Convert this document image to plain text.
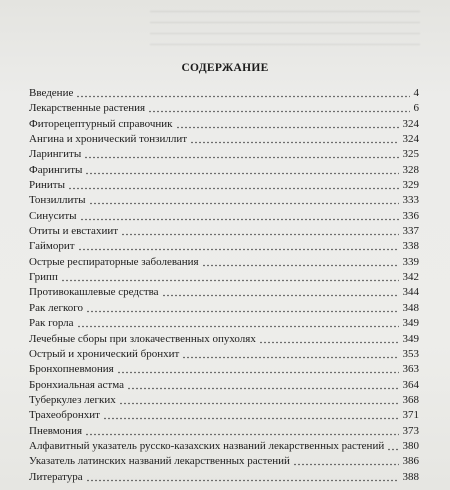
СОДЕРЖАНИЕ
Введение	4
Лекарственные растения	6
Фиторецептурный справочник	324
Ангина и хронический тонзиллит	324
Ларингиты	325
Фарингиты	328
Риниты	329
Тонзиллиты	333
Синуситы	336
Отиты и евстахиит	337
Гайморит	338
Острые респираторные заболевания	339
Грипп	342
Противокашлевые средства	344
Рак легкого	348
Рак горла	349
Лечебные сборы при злокачественных опухолях	349
Острый и хронический бронхит	353
Бронхопневмония	363
Бронхиальная астма	364
Туберкулез легких	368
Трахеобронхит	371
Пневмония	373
Алфавитный указатель русско-казахских названий лекарственных растений 380
Указатель латинских названий лекарственных растений	386
Литература	388
